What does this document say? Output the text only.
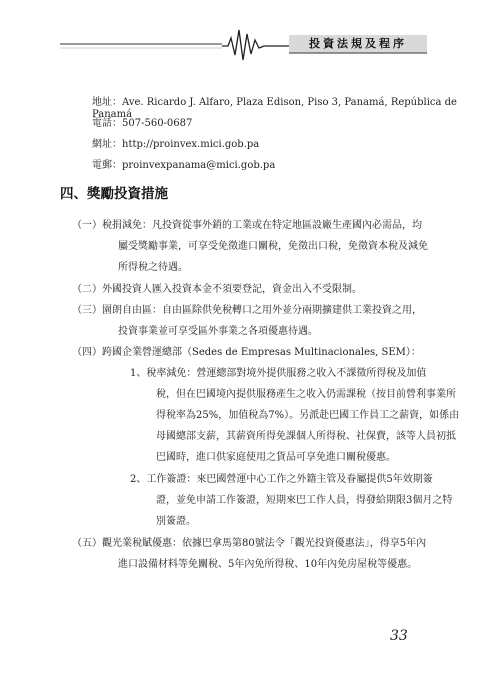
投資法規及程序
地址：Ave. Ricardo J. Alfaro, Plaza Edison, Piso 3, Panamá, República de Panamá
電話：507-560-0687
網址：http://proinvex.mici.gob.pa
電郵：proinvexpanama@mici.gob.pa
四、獎勵投資措施
（一）稅捐減免：凡投資從事外銷的工業或在特定地區設廠生產國內必需品，均
屬受獎勵事業，可享受免徵進口關稅，免徵出口稅，免徵資本稅及減免
所得稅之待遇。
（二）外國投資人匯入投資本金不須要登記，資金出入不受限制。
（三）園朗自由區：自由區除供免稅轉口之用外並分兩期擴建供工業投資之用，
投資事業並可享受區外事業之各項優惠待遇。
（四）跨國企業營運總部（Sedes de Empresas Multinacionales, SEM）：
1、稅率減免：營運總部對境外提供服務之收入不課徵所得稅及加值
稅，但在巴國境內提供服務產生之收入仍需課稅（按目前營利事業所
得稅率為25%，加值稅為7%）。另派赴巴國工作員工之薪資，如係由
母國總部支薪，其薪資所得免課個人所得稅、社保費，該等人員初抵
巴國時，進口供家庭使用之貨品可享免進口關稅優惠。
2、工作簽證：來巴國營運中心工作之外籍主管及眷屬提供5年效期簽
證，並免申請工作簽證，短期來巴工作人員，得發給期限3個月之特
別簽證。
（五）觀光業稅賦優惠：依據巴拿馬第80號法令「觀光投資優惠法」，得享5年內
進口設備材料等免關稅、5年內免所得稅、10年內免房屋稅等優惠。
33
